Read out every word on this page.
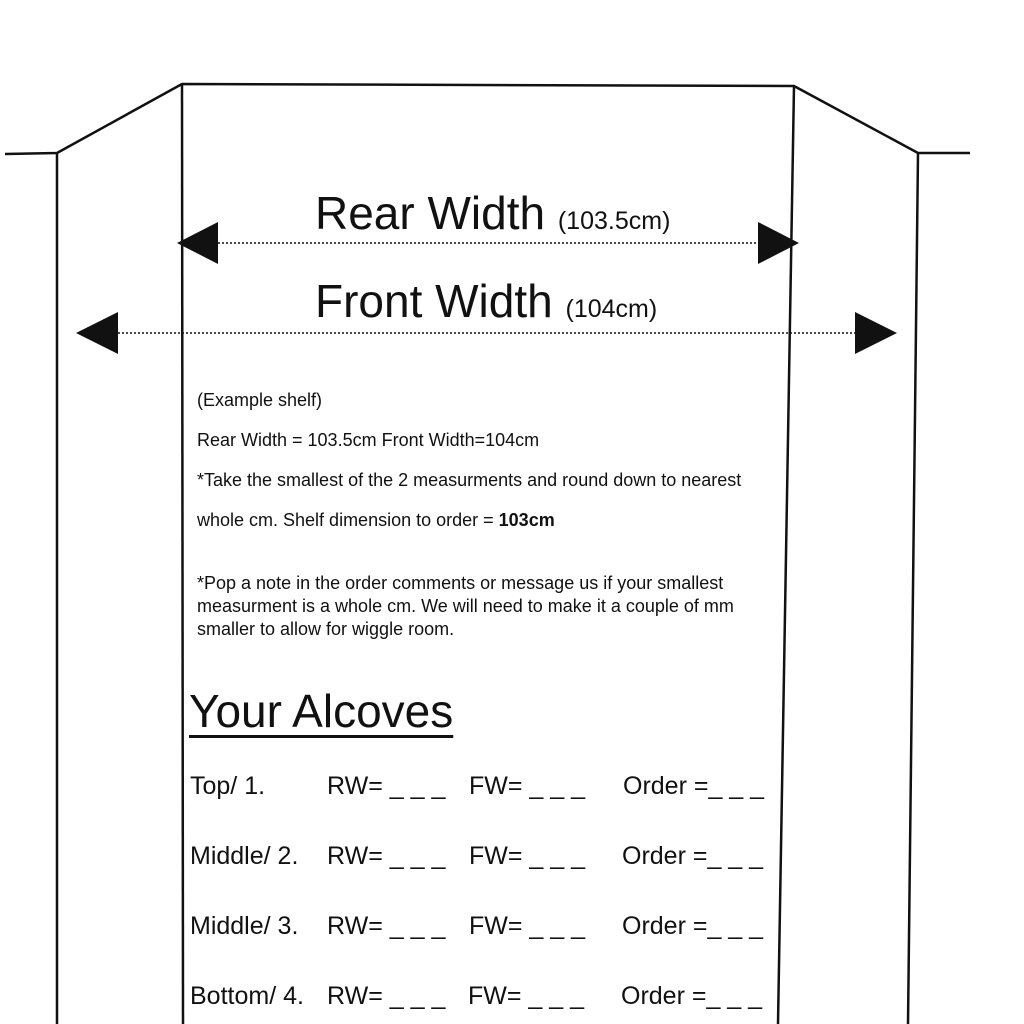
Rear Width (103.5cm)
Front Width (104cm)
(Example shelf)
Rear Width = 103.5cm Front Width=104cm
*Take the smallest of the 2 measurments and round down to nearest
whole cm. Shelf dimension to order = 103cm
*Pop a note in the order comments or message us if your smallest measurment is a whole cm. We will need to make it a couple of mm smaller to allow for wiggle room.
Your Alcoves
Top/ 1. RW= _ _ _ FW= _ _ _ Order =_ _ _
Middle/ 2. RW= _ _ _ FW= _ _ _ Order =_ _ _
Middle/ 3. RW= _ _ _ FW= _ _ _ Order =_ _ _
Bottom/ 4. RW= _ _ _ FW= _ _ _ Order =_ _ _
